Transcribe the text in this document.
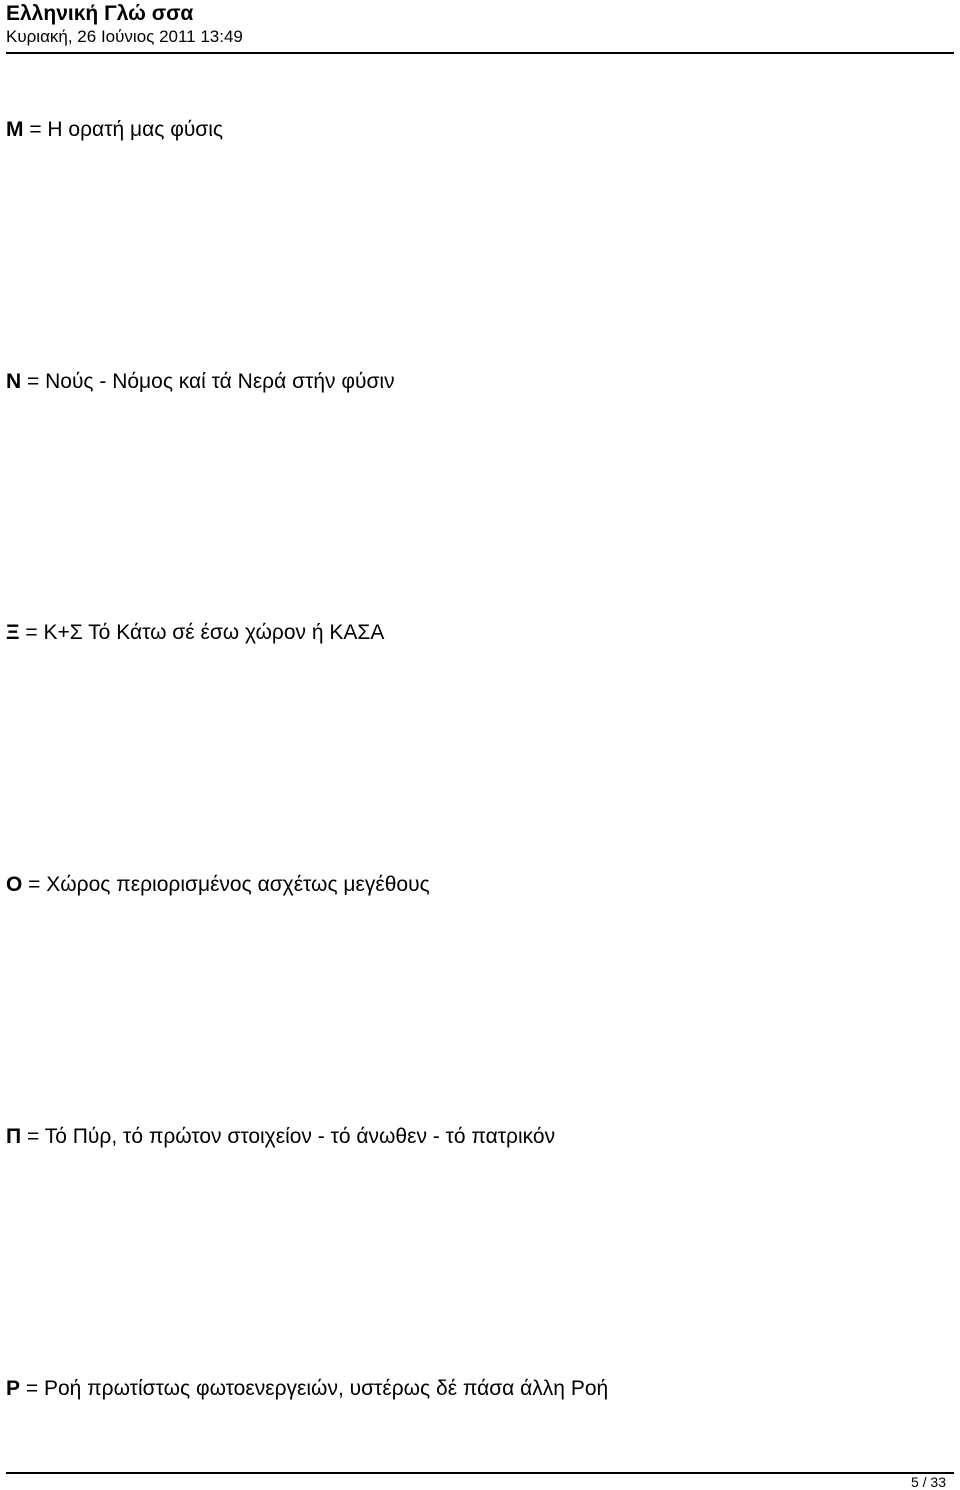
Ελληνική Γλώ σσα
Κυριακή, 26 Ιούνιος 2011 13:49
Μ = Η ορατή μας φύσις
Ν = Νούς - Νόμος καί τά Νερά στήν φύσιν
Ξ = Κ+Σ Τό Κάτω σέ έσω χώρον ή ΚΑΣΑ
Ο = Χώρος περιορισμένος ασχέτως μεγέθους
Π = Τό Πύρ, τό πρώτον στοιχείον - τό άνωθεν - τό πατρικόν
Ρ = Ροή πρωτίστως φωτοενεργειών, υστέρως δέ πάσα άλλη Ροή
5 / 33
